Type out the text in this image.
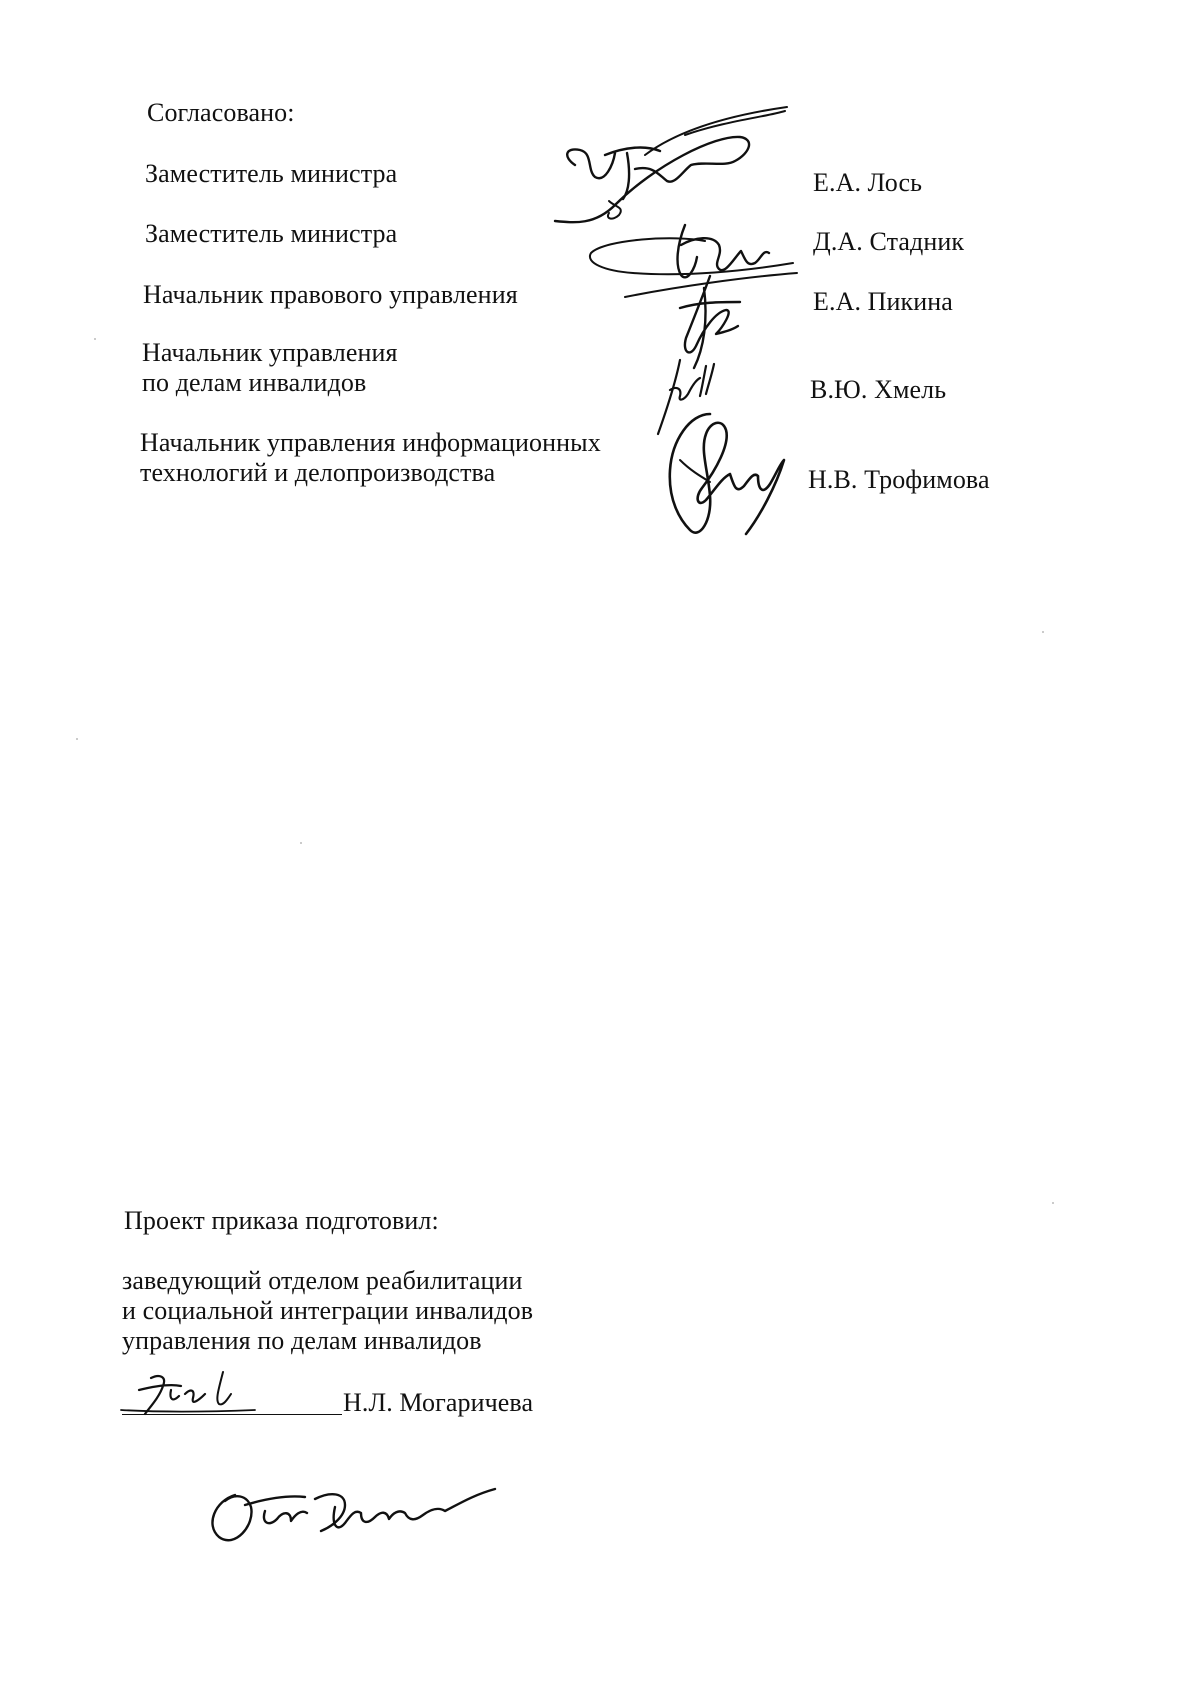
Согласовано:
Заместитель министра	Е.А. Лось
Заместитель министра	Д.А. Стадник
Начальник правового управления	Е.А. Пикина
Начальник управления
по делам инвалидов	В.Ю. Хмель
Начальник управления информационных
технологий и делопроизводства	Н.В. Трофимова
Проект приказа подготовил:
заведующий отделом реабилитации
и социальной интеграции инвалидов
управления по делам инвалидов
Н.Л. Могаричева
